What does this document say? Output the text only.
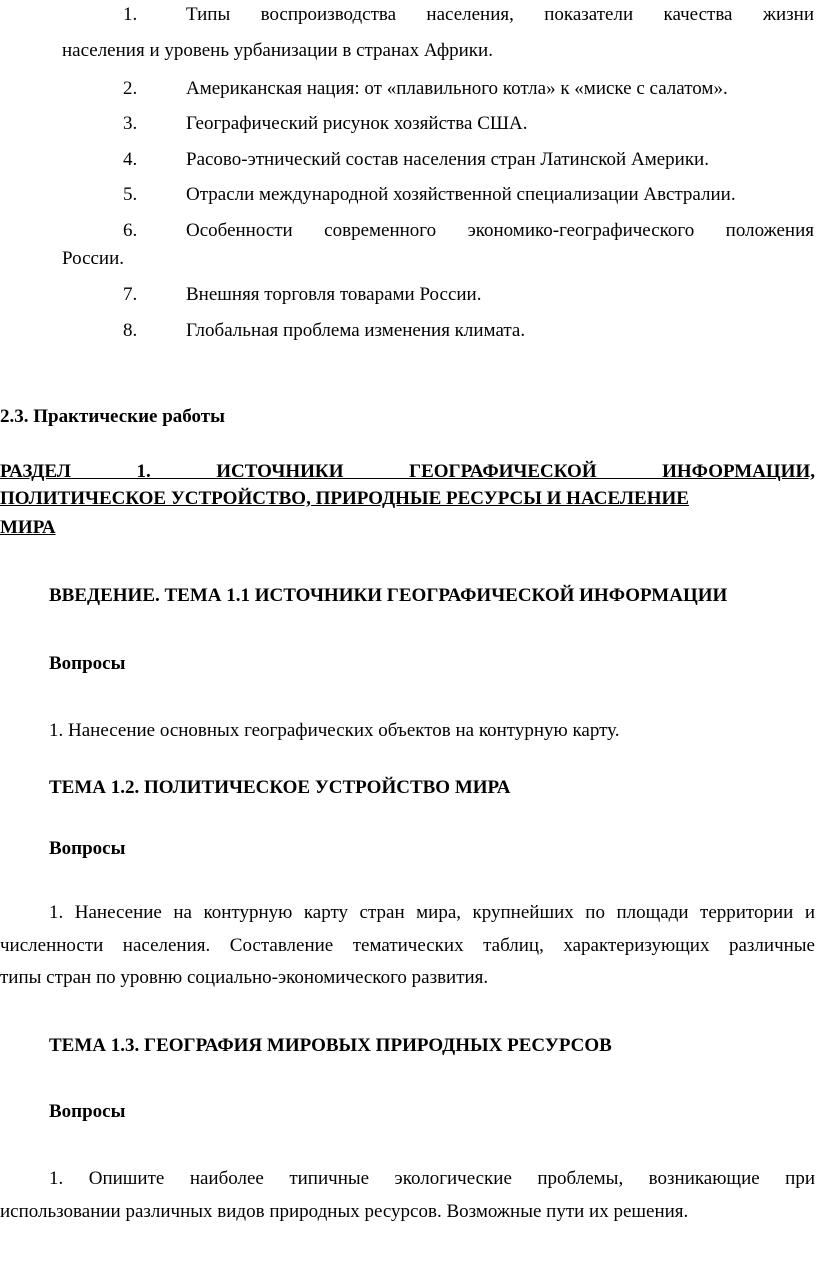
1.	Типы воспроизводства населения, показатели качества жизни
населения и уровень урбанизации в странах Африки.
2.	Американская нация: от «плавильного котла» к «миске с салатом».
3.	Географический рисунок хозяйства США.
4.	Расово-этнический состав населения стран Латинской Америки.
5.	Отрасли международной хозяйственной специализации Австралии.
6.	Особенности современного экономико-географического положения
России.
7.	Внешняя торговля товарами России.
8.	Глобальная проблема изменения климата.
2.3. Практические работы
РАЗДЕЛ 1. ИСТОЧНИКИ ГЕОГРАФИЧЕСКОЙ ИНФОРМАЦИИ,
ПОЛИТИЧЕСКОЕ УСТРОЙСТВО, ПРИРОДНЫЕ РЕСУРСЫ И НАСЕЛЕНИЕ
МИРА
ВВЕДЕНИЕ. ТЕМА 1.1 ИСТОЧНИКИ ГЕОГРАФИЧЕСКОЙ ИНФОРМАЦИИ
Вопросы
1. Нанесение основных географических объектов на контурную карту.
ТЕМА 1.2. ПОЛИТИЧЕСКОЕ УСТРОЙСТВО МИРА
Вопросы
1. Нанесение на контурную карту стран мира, крупнейших по площади территории и
численности населения. Составление тематических таблиц, характеризующих различные
типы стран по уровню социально-экономического развития.
ТЕМА 1.3. ГЕОГРАФИЯ МИРОВЫХ ПРИРОДНЫХ РЕСУРСОВ
Вопросы
1. Опишите наиболее типичные экологические проблемы, возникающие при
использовании различных видов природных ресурсов. Возможные пути их решения.
